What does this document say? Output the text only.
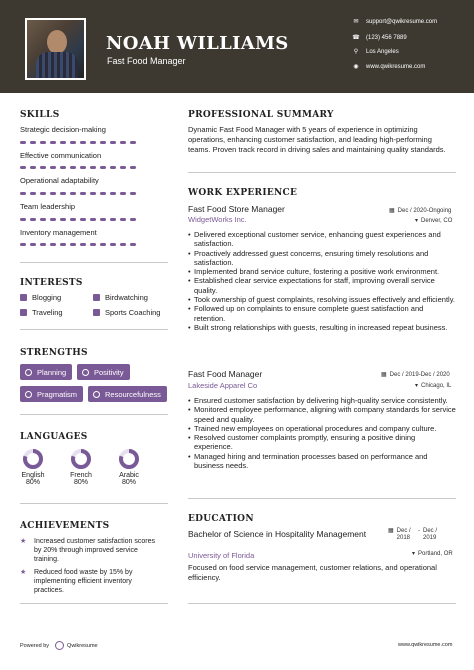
NOAH WILLIAMS
Fast Food Manager
✉ support@qwikresume.com
☎ (123) 456 7889
⚲ Los Angeles
◉ www.qwikresume.com
SKILLS
Strategic decision-making
Effective communication
Operational adaptability
Team leadership
Inventory management
INTERESTS
Blogging	Birdwatching
Traveling	Sports Coaching
STRENGTHS
Planning	Positivity
Pragmatism	Resourcefulness
LANGUAGES
English
80%
French
80%
Arabic
80%
ACHIEVEMENTS
★	Increased customer satisfaction scores by 20% through improved service training.
★	Reduced food waste by 15% by implementing efficient inventory practices.
PROFESSIONAL SUMMARY
Dynamic Fast Food Manager with 5 years of experience in optimizing operations, enhancing customer satisfaction, and leading high-performing teams. Proven track record in driving sales and maintaining quality standards.
WORK EXPERIENCE
Fast Food Store Manager
WidgetWorks Inc.
▦ Dec / 2020-Ongoing
▾ Denver, CO
• Delivered exceptional customer service, enhancing guest experiences and satisfaction.
• Proactively addressed guest concerns, ensuring timely resolutions and satisfaction.
• Implemented brand service culture, fostering a positive work environment.
• Established clear service expectations for staff, improving overall service quality.
• Took ownership of guest complaints, resolving issues effectively and efficiently.
• Followed up on complaints to ensure complete guest satisfaction and retention.
• Built strong relationships with guests, resulting in increased repeat business.
Fast Food Manager
Lakeside Apparel Co
▦ Dec / 2019-Dec / 2020
▾ Chicago, IL
• Ensured customer satisfaction by delivering high-quality service consistently.
• Monitored employee performance, aligning with company standards for service speed and quality.
• Trained new employees on operational procedures and company culture.
• Resolved customer complaints promptly, ensuring a positive dining experience.
• Managed hiring and termination processes based on performance and business needs.
EDUCATION
Bachelor of Science in Hospitality Management
University of Florida
▦ Dec / 2018
- Dec / 2019
▾ Portland, OR
Focused on food service management, customer relations, and operational efficiency.
Powered by	Qwikresume	www.qwikresume.com
